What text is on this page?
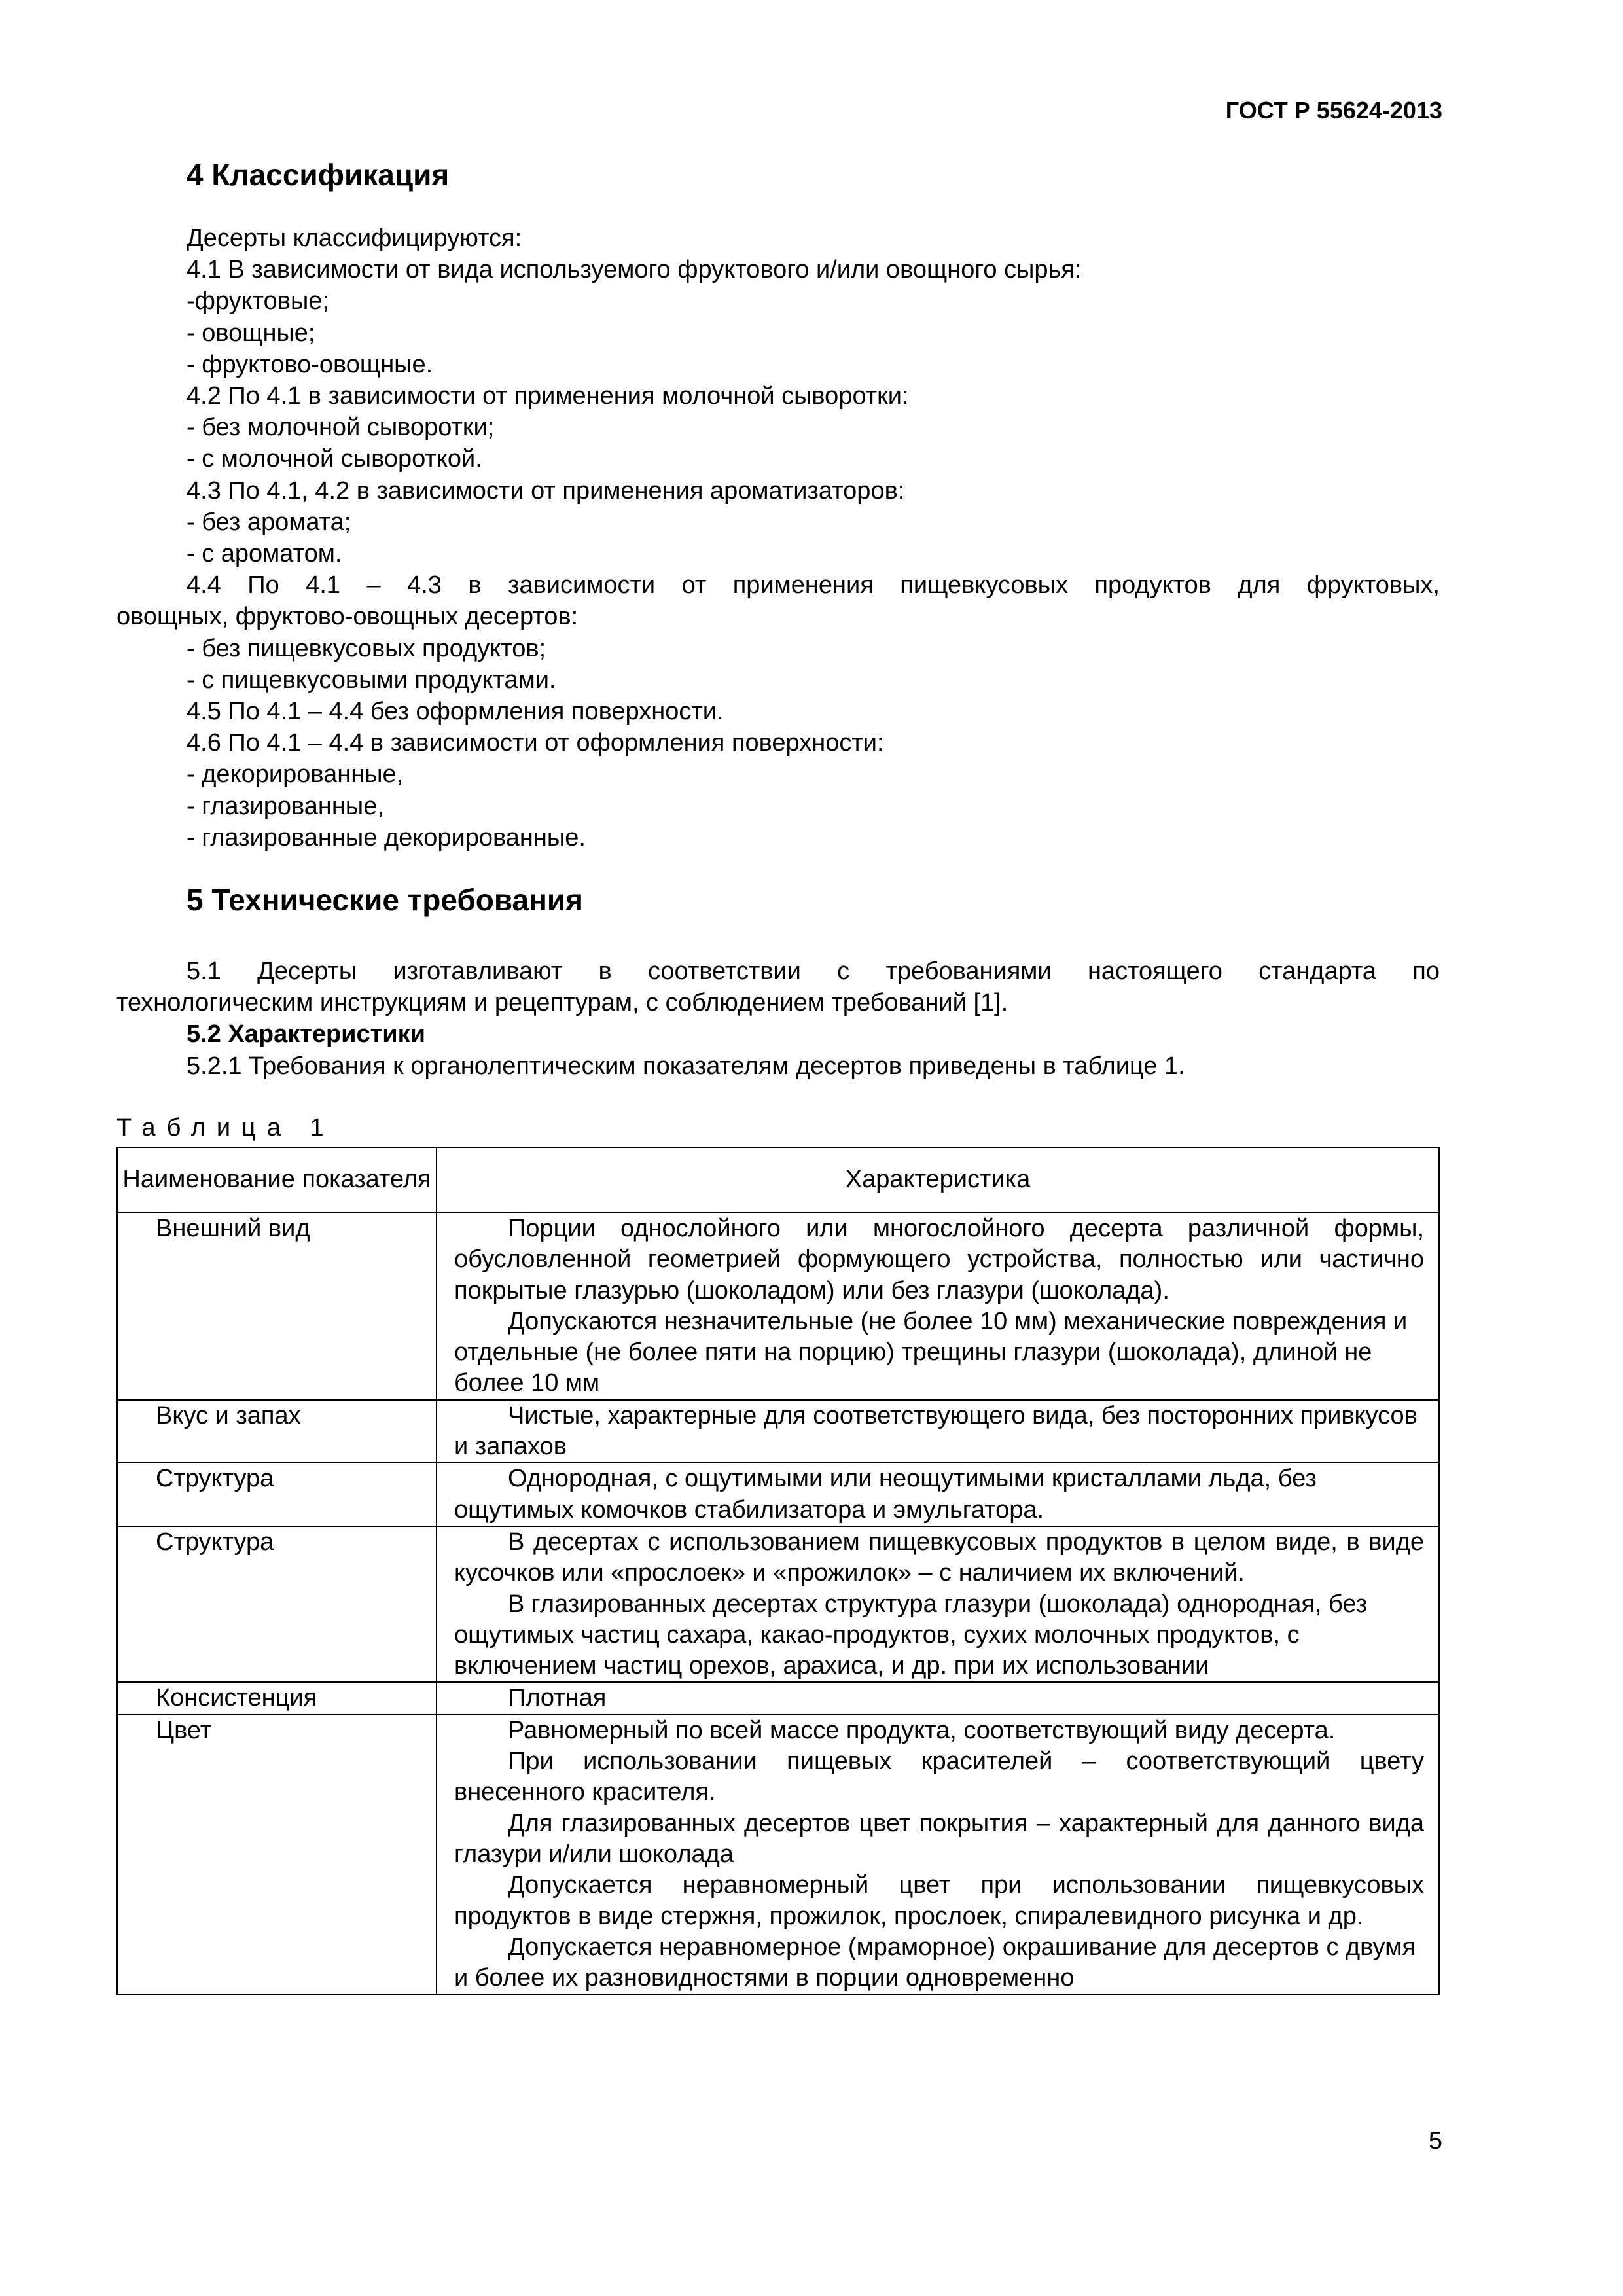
ГОСТ Р 55624-2013
4 Классификация
Десерты классифицируются:
4.1 В зависимости от вида используемого фруктового и/или овощного сырья:
-фруктовые;
- овощные;
- фруктово-овощные.
4.2 По 4.1 в зависимости от применения молочной сыворотки:
- без молочной сыворотки;
- с молочной сывороткой.
4.3 По 4.1, 4.2 в зависимости от применения ароматизаторов:
- без аромата;
- с ароматом.
4.4 По 4.1 – 4.3 в зависимости от применения пищевкусовых продуктов для фруктовых,
овощных, фруктово-овощных десертов:
- без пищевкусовых продуктов;
- с пищевкусовыми продуктами.
4.5 По 4.1 – 4.4 без оформления поверхности.
4.6 По 4.1 – 4.4 в зависимости от оформления поверхности:
- декорированные,
- глазированные,
- глазированные декорированные.
5 Технические требования
5.1 Десерты изготавливают в соответствии с требованиями настоящего стандарта по
технологическим инструкциям и рецептурам, с соблюдением требований [1].
5.2 Характеристики
5.2.1 Требования к органолептическим показателям десертов приведены в таблице 1.
Таблица 1
Наименование показателя	Характеристика
Внешний вид	Порции однослойного или многослойного десерта различной формы, обусловленной геометрией формующего устройства, полностью или частично покрытые глазурью (шоколадом) или без глазури (шоколада).
Допускаются незначительные (не более 10 мм) механические повреждения и отдельные (не более пяти на порцию) трещины глазури (шоколада), длиной не более 10 мм

Вкус и запах	Чистые, характерные для соответствующего вида, без посторонних привкусов и запахов

Структура	Однородная, с ощутимыми или неощутимыми кристаллами льда, без ощутимых комочков стабилизатора и эмульгатора.

Структура	В десертах с использованием пищевкусовых продуктов в целом виде, в виде кусочков или «прослоек» и «прожилок» – с наличием их включений.
В глазированных десертах структура глазури (шоколада) однородная, без ощутимых частиц сахара, какао-продуктов, сухих молочных продуктов, с включением частиц орехов, арахиса, и др. при их использовании

Консистенция	Плотная

Цвет	Равномерный по всей массе продукта, соответствующий виду десерта.
При использовании пищевых красителей – соответствующий цвету внесенного красителя.
Для глазированных десертов цвет покрытия – характерный для данного вида глазури и/или шоколада
Допускается неравномерный цвет при использовании пищевкусовых продуктов в виде стержня, прожилок, прослоек, спиралевидного рисунка и др.
Допускается неравномерное (мраморное) окрашивание для десертов с двумя и более их разновидностями в порции одновременно
5
